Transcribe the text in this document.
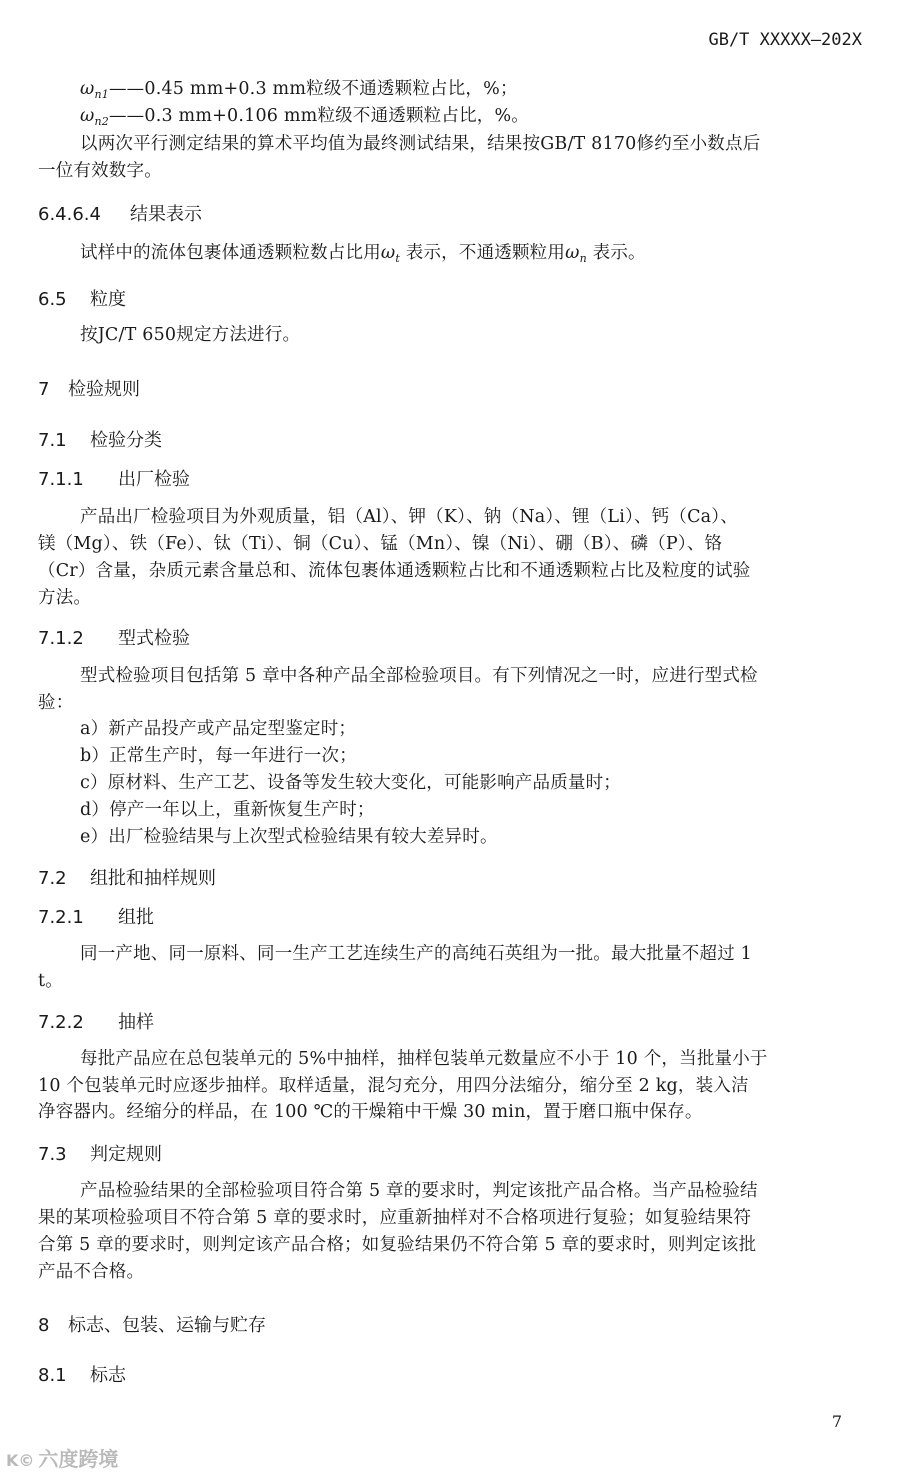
GB/T XXXXX—202X
$\omega_{n1}——0.45$ mm+0.3 mm粒级不通透颗粒占比，%；
$\omega_{n2}——0.3$ mm+0.106 mm粒级不通透颗粒占比，%。
以两次平行测定结果的算术平均值为最终测试结果，结果按GB/T 8170修约至小数点后
一位有效数字。
6.4.6.4 结果表示
试样中的流体包裹体通透颗粒数占比用$\omega_t$ 表示，不通透颗粒用$\omega_n$ 表示。
6.5 粒度
按JC/T 650规定方法进行。
7 检验规则
7.1 检验分类
7.1.1 出厂检验
产品出厂检验项目为外观质量，铝（Al）、钾（K）、钠（Na）、锂（Li）、钙（Ca）、
镁（Mg）、铁（Fe）、钛（Ti）、铜（Cu）、锰（Mn）、镍（Ni）、硼（B）、磷（P）、铬
（Cr）含量，杂质元素含量总和、流体包裹体通透颗粒占比和不通透颗粒占比及粒度的试验
方法。
7.1.2 型式检验
型式检验项目包括第 5 章中各种产品全部检验项目。有下列情况之一时，应进行型式检
验：
a）新产品投产或产品定型鉴定时；
b）正常生产时，每一年进行一次；
c）原材料、生产工艺、设备等发生较大变化，可能影响产品质量时；
d）停产一年以上，重新恢复生产时；
e）出厂检验结果与上次型式检验结果有较大差异时。
7.2 组批和抽样规则
7.2.1 组批
同一产地、同一原料、同一生产工艺连续生产的高纯石英组为一批。最大批量不超过 1
t。
7.2.2 抽样
每批产品应在总包装单元的 5%中抽样，抽样包装单元数量应不小于 10 个，当批量小于
10 个包装单元时应逐步抽样。取样适量，混匀充分，用四分法缩分，缩分至 2 kg，装入洁
净容器内。经缩分的样品，在 100 ℃的干燥箱中干燥 30 min，置于磨口瓶中保存。
7.3 判定规则
产品检验结果的全部检验项目符合第 5 章的要求时，判定该批产品合格。当产品检验结
果的某项检验项目不符合第 5 章的要求时，应重新抽样对不合格项进行复验；如复验结果符
合第 5 章的要求时，则判定该产品合格；如复验结果仍不符合第 5 章的要求时，则判定该批
产品不合格。
8 标志、包装、运输与贮存
8.1 标志
7
K© 六度跨境
